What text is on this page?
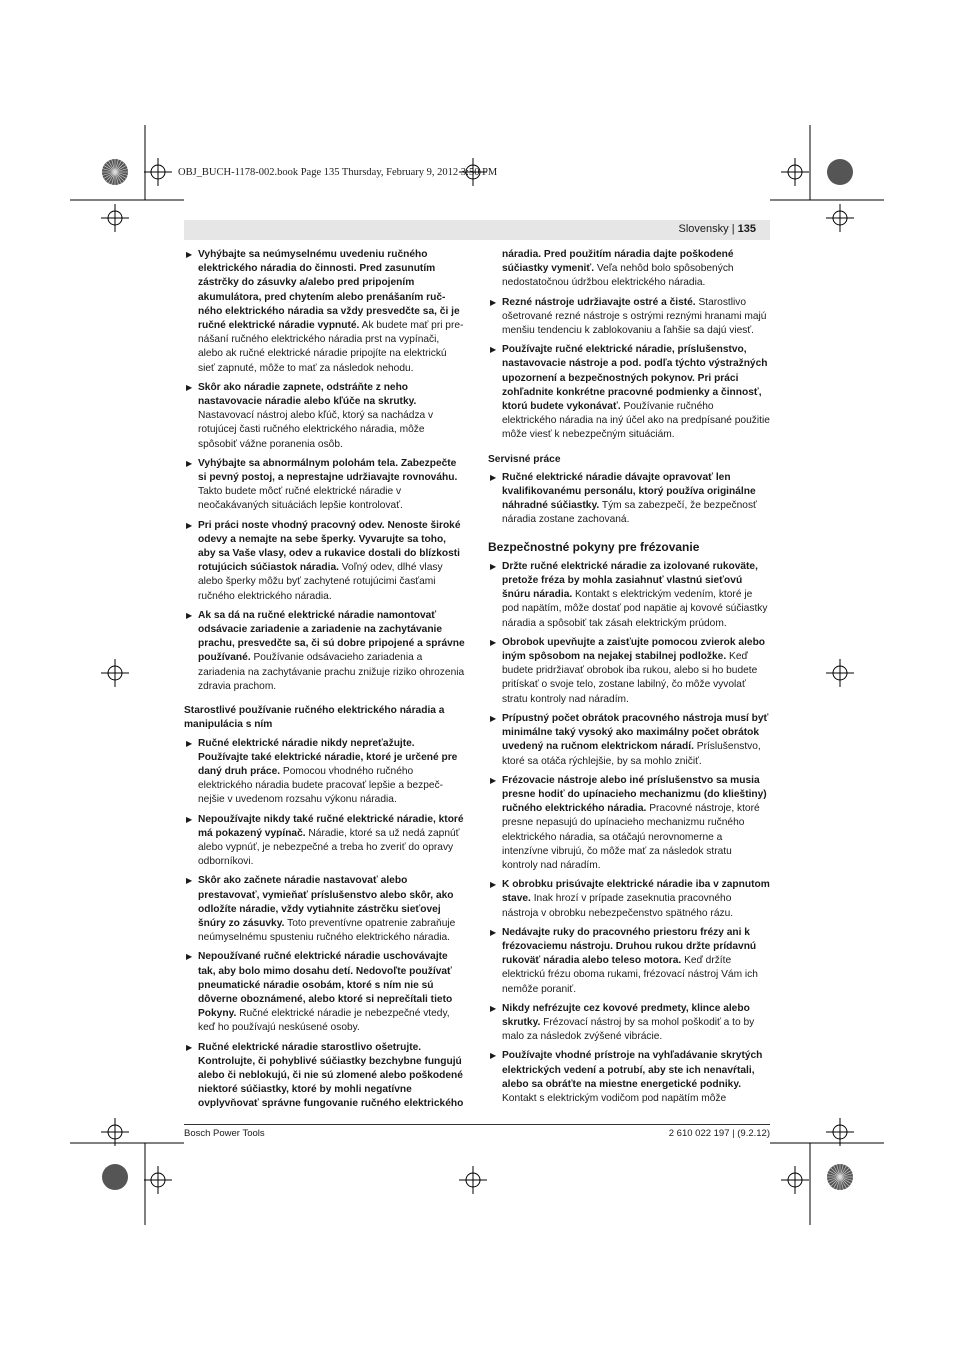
OBJ_BUCH-1178-002.book Page 135 Thursday, February 9, 2012 3:50 PM
Slovensky | 135
▶ Vyhýbajte sa neúmyselnému uvedeniu ručného elektrického náradia do činnosti. Pred zasunutím zástrčky do zásuvky a/alebo pred pripojením akumulátora, pred chytením alebo prenášaním ruč-ného elektrického náradia sa vždy presvedčte sa, či je ručné elektrické náradie vypnuté. Ak budete mať pri pre-nášaní ručného elektrického náradia prst na vypínači, alebo ak ručné elektrické náradie pripojíte na elektrickú sieť zapnuté, môže to mať za následok nehodu.
▶ Skôr ako náradie zapnete, odstráňte z neho nastavovacie náradie alebo kľúče na skrutky. Nastavovací nástroj alebo kľúč, ktorý sa nachádza v rotujúcej časti ručného elektrického náradia, môže spôsobiť vážne poranenia osôb.
▶ Vyhýbajte sa abnormálnym polohám tela. Zabezpečte si pevný postoj, a neprestajne udržiavajte rovnováhu. Takto budete môcť ručné elektrické náradie v neočakávaných situáciách lepšie kontrolovať.
▶ Pri práci noste vhodný pracovný odev. Nenoste široké odevy a nemajte na sebe šperky. Vyvarujte sa toho, aby sa Vaše vlasy, odev a rukavice dostali do blízkosti rotujúcich súčiastok náradia. Voľný odev, dlhé vlasy alebo šperky môžu byť zachytené rotujúcimi časťami ručného elektrického náradia.
▶ Ak sa dá na ručné elektrické náradie namontovať odsávacie zariadenie a zariadenie na zachytávanie prachu, presvedčte sa, či sú dobre pripojené a správne používané. Používanie odsávacieho zariadenia a zariadenia na zachytávanie prachu znižuje riziko ohrozenia zdravia prachom.
Starostlivé používanie ručného elektrického náradia a manipulácia s ním
▶ Ručné elektrické náradie nikdy nepreťažujte. Používajte také elektrické náradie, ktoré je určené pre daný druh práce. Pomocou vhodného ručného elektrického náradia budete pracovať lepšie a bezpeč-nejšie v uvedenom rozsahu výkonu náradia.
▶ Nepoužívajte nikdy také ručné elektrické náradie, ktoré má pokazený vypínač. Náradie, ktoré sa už nedá zapnúť alebo vypnúť, je nebezpečné a treba ho zveriť do opravy odborníkovi.
▶ Skôr ako začnete náradie nastavovať alebo prestavovať, vymieňať príslušenstvo alebo skôr, ako odložíte náradie, vždy vytiahnite zástrčku sieťovej šnúry zo zásuvky. Toto preventívne opatrenie zabraňuje neúmyselnému spusteniu ručného elektrického náradia.
▶ Nepoužívané ručné elektrické náradie uschovávajte tak, aby bolo mimo dosahu detí. Nedovoľte používať pneumatické náradie osobám, ktoré s ním nie sú dôverne oboznámené, alebo ktoré si neprečítali tieto Pokyny. Ručné elektrické náradie je nebezpečné vtedy, keď ho používajú neskúsené osoby.
▶ Ručné elektrické náradie starostlivo ošetrujte. Kontrolujte, či pohyblivé súčiastky bezchybne fungujú alebo či neblokujú, či nie sú zlomené alebo poškodené niektoré súčiastky, ktoré by mohli negatívne ovplyvňovať správne fungovanie ručného elektrického
náradia. Pred použitím náradia dajte poškodené súčiastky vymeniť. Veľa nehôd bolo spôsobených nedostatočnou údržbou elektrického náradia.
▶ Rezné nástroje udržiavajte ostré a čisté. Starostlivo ošetrované rezné nástroje s ostrými reznými hranami majú menšiu tendenciu k zablokovaniu a ľahšie sa dajú viesť.
▶ Používajte ručné elektrické náradie, príslušenstvo, nastavovacie nástroje a pod. podľa týchto výstražných upozornení a bezpečnostných pokynov. Pri práci zohľadnite konkrétne pracovné podmienky a činnosť, ktorú budete vykonávať. Používanie ručného elektrického náradia na iný účel ako na predpísané použitie môže viesť k nebezpečným situáciám.
Servisné práce
▶ Ručné elektrické náradie dávajte opravovať len kvalifikovanému personálu, ktorý používa originálne náhradné súčiastky. Tým sa zabezpečí, že bezpečnosť náradia zostane zachovaná.
Bezpečnostné pokyny pre frézovanie
▶ Držte ručné elektrické náradie za izolované rukoväte, pretože fréza by mohla zasiahnuť vlastnú sieťovú šnúru náradia. Kontakt s elektrickým vedením, ktoré je pod napätím, môže dostať pod napätie aj kovové súčiastky náradia a spôsobiť tak zásah elektrickým prúdom.
▶ Obrobok upevňujte a zaisťujte pomocou zvierok alebo iným spôsobom na nejakej stabilnej podložke. Keď budete pridržiavať obrobok iba rukou, alebo si ho budete pritískať o svoje telo, zostane labilný, čo môže vyvolať stratu kontroly nad náradím.
▶ Prípustný počet obrátok pracovného nástroja musí byť minimálne taký vysoký ako maximálny počet obrátok uvedený na ručnom elektrickom náradí. Príslušenstvo, ktoré sa otáča rýchlejšie, by sa mohlo zničiť.
▶ Frézovacie nástroje alebo iné príslušenstvo sa musia presne hodiť do upínacieho mechanizmu (do klieštiny) ručného elektrického náradia. Pracovné nástroje, ktoré presne nepasujú do upínacieho mechanizmu ručného elektrického náradia, sa otáčajú nerovnomerne a intenzívne vibrujú, čo môže mať za následok stratu kontroly nad náradím.
▶ K obrobku prisúvajte elektrické náradie iba v zapnutom stave. Inak hrozí v prípade zaseknutia pracovného nástroja v obrobku nebezpečenstvo spätného rázu.
▶ Nedávajte ruky do pracovného priestoru frézy ani k frézovaciemu nástroju. Druhou rukou držte prídavnú rukoväť náradia alebo teleso motora. Keď držíte elektrickú frézu oboma rukami, frézovací nástroj Vám ich nemôže poraniť.
▶ Nikdy nefrézujte cez kovové predmety, klince alebo skrutky. Frézovací nástroj by sa mohol poškodiť a to by malo za následok zvýšené vibrácie.
▶ Používajte vhodné prístroje na vyhľadávanie skrytých elektrických vedení a potrubí, aby ste ich nenavŕtali, alebo sa obráťte na miestne energetické podniky. Kontakt s elektrickým vodičom pod napätím môže
Bosch Power Tools	2 610 022 197 | (9.2.12)
